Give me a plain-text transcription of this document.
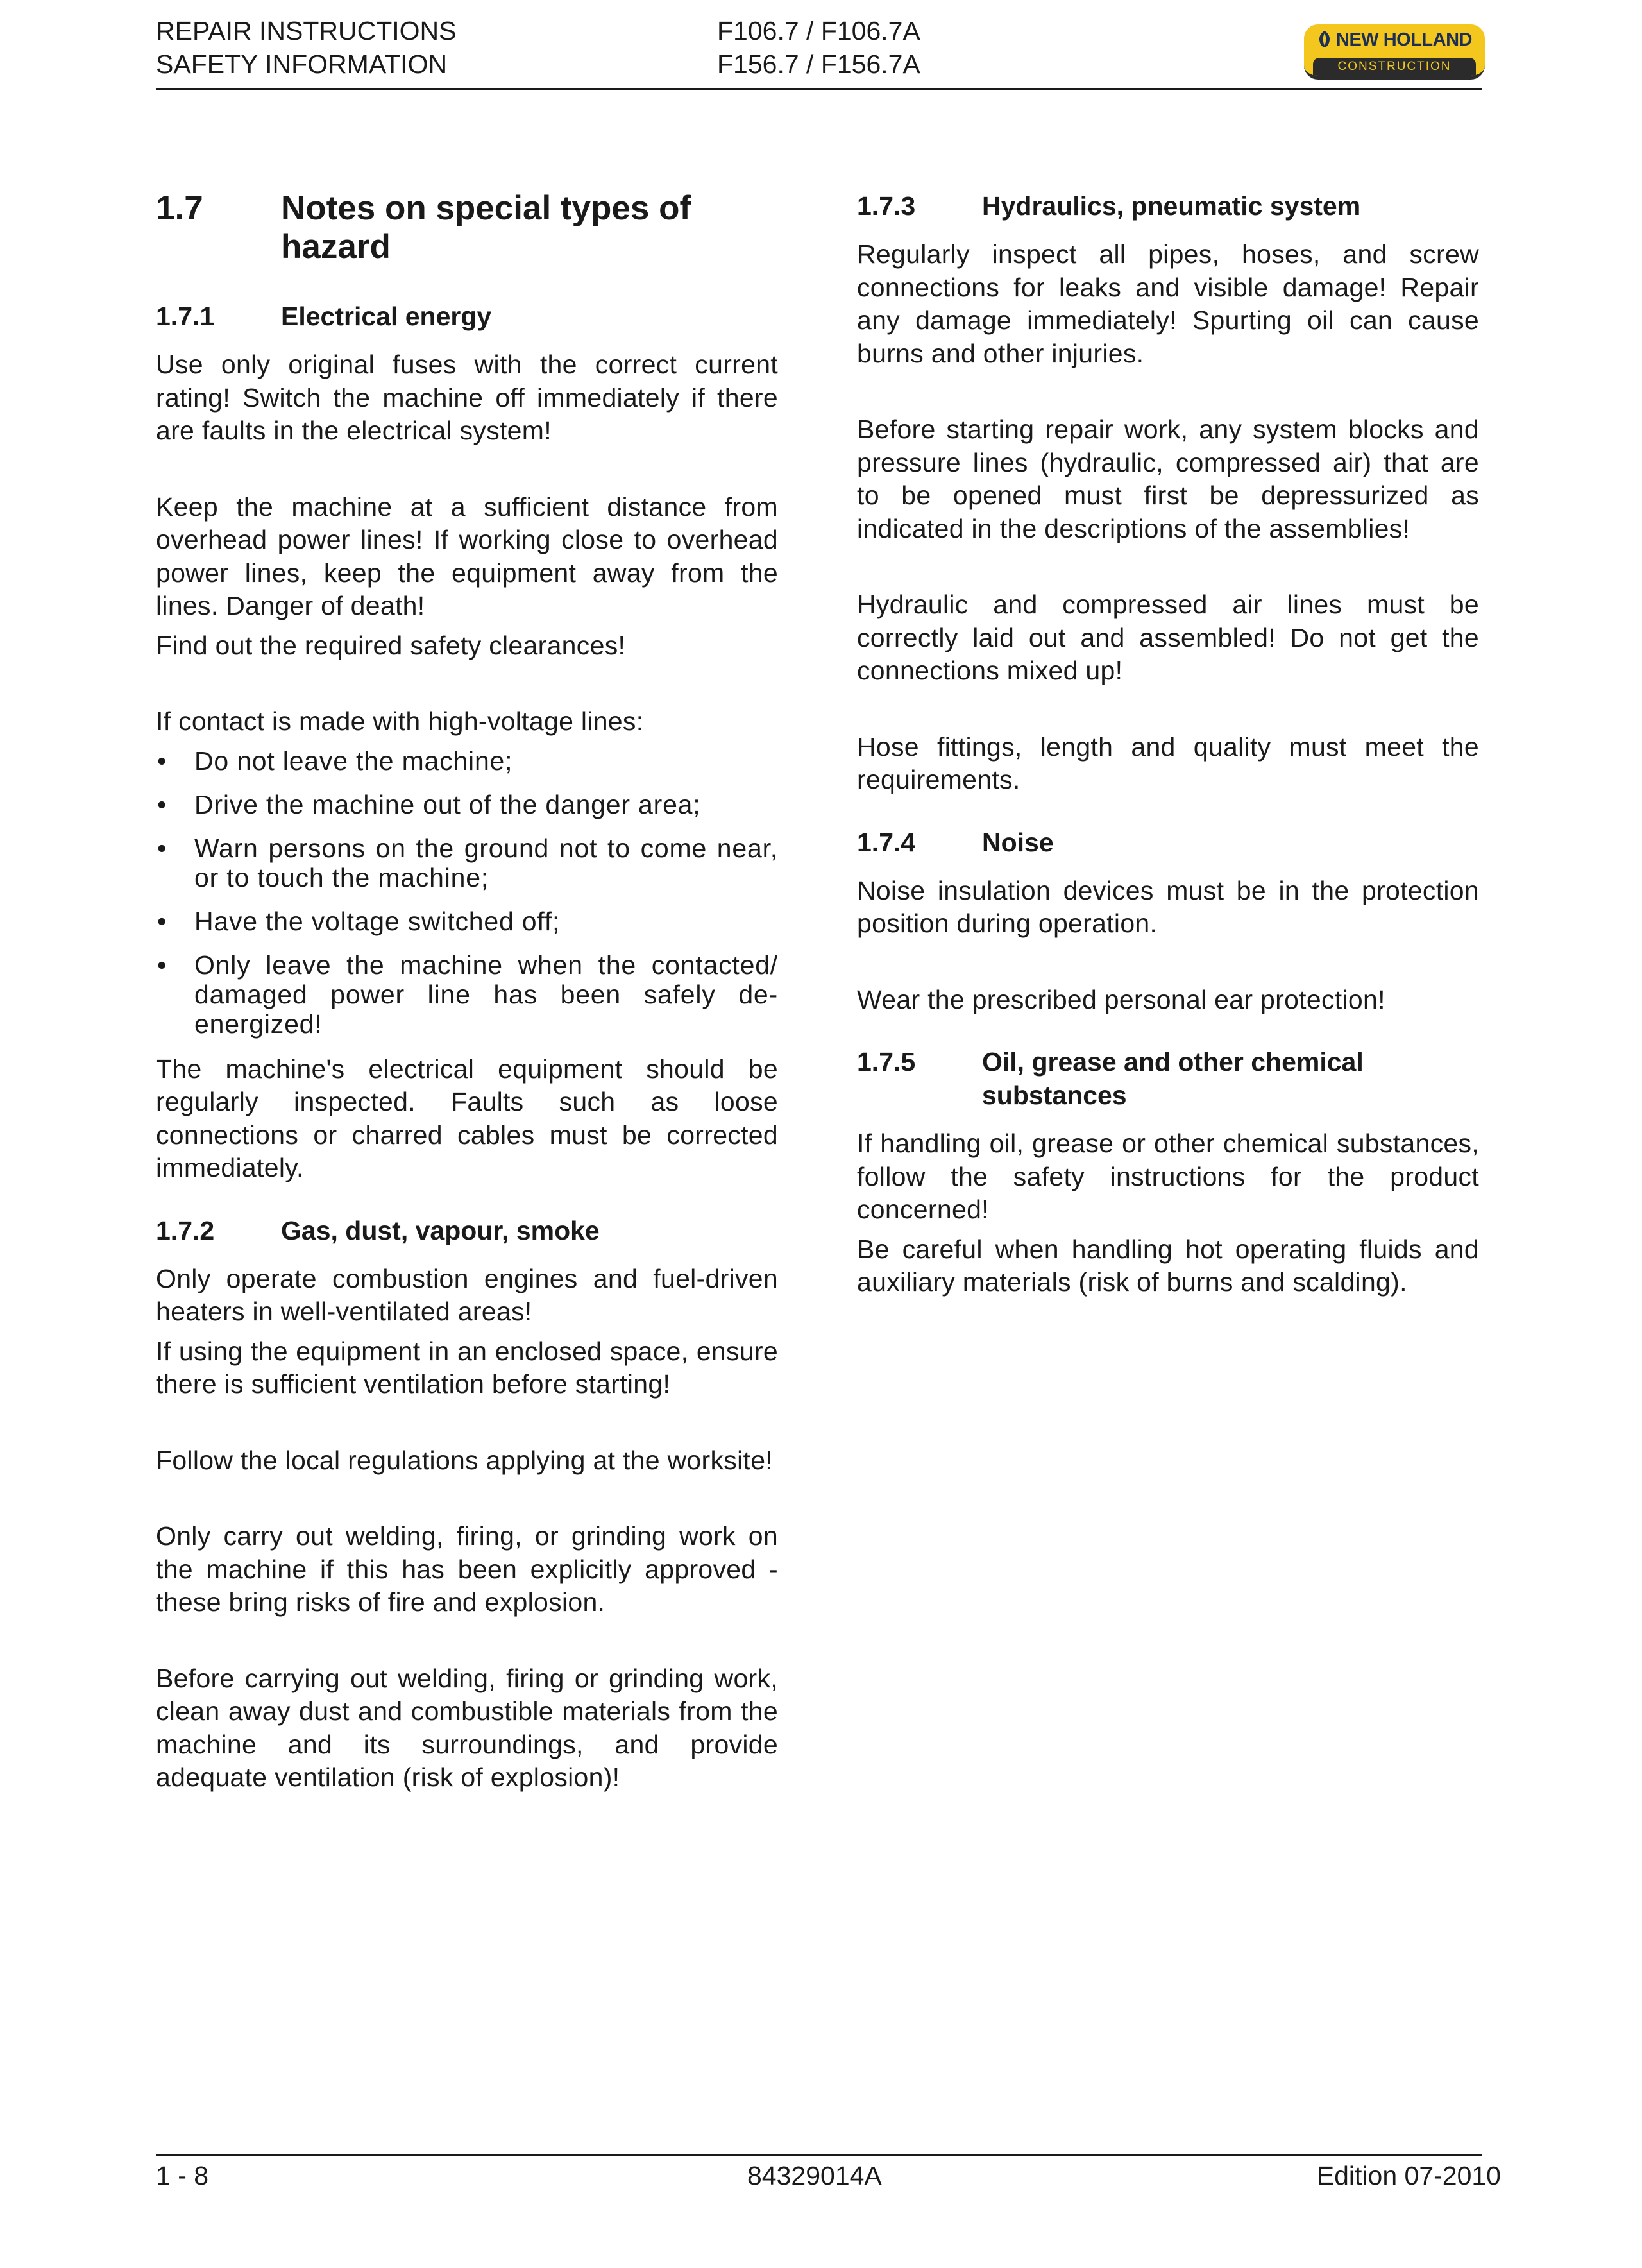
REPAIR INSTRUCTIONS
SAFETY INFORMATION
F106.7 / F106.7A
F156.7 / F156.7A
NEW HOLLAND
CONSTRUCTION
1.7	Notes on special types of hazard
1.7.1	Electrical energy

Use only original fuses with the correct current rating! Switch the machine off immediately if there are faults in the electrical system!

Keep the machine at a sufficient distance from overhead power lines! If working close to overhead power lines, keep the equipment away from the lines. Danger of death!

Find out the required safety clearances!

If contact is made with high-voltage lines:

• Do not leave the machine;
• Drive the machine out of the danger area;
• Warn persons on the ground not to come near, or to touch the machine;
• Have the voltage switched off;
• Only leave the machine when the contacted/ damaged power line has been safely de-energized!

The machine's electrical equipment should be regularly inspected. Faults such as loose connections or charred cables must be corrected immediately.

1.7.2	Gas, dust, vapour, smoke

Only operate combustion engines and fuel-driven heaters in well-ventilated areas!

If using the equipment in an enclosed space, ensure there is sufficient ventilation before starting!

Follow the local regulations applying at the worksite!

Only carry out welding, firing, or grinding work on the machine if this has been explicitly approved - these bring risks of fire and explosion.

Before carrying out welding, firing or grinding work, clean away dust and combustible materials from the machine and its surroundings, and provide adequate ventilation (risk of explosion)!

1.7.3	Hydraulics, pneumatic system

Regularly inspect all pipes, hoses, and screw connections for leaks and visible damage! Repair any damage immediately! Spurting oil can cause burns and other injuries.

Before starting repair work, any system blocks and pressure lines (hydraulic, compressed air) that are to be opened must first be depressurized as indicated in the descriptions of the assemblies!

Hydraulic and compressed air lines must be correctly laid out and assembled! Do not get the connections mixed up!

Hose fittings, length and quality must meet the requirements.

1.7.4	Noise

Noise insulation devices must be in the protection position during operation.

Wear the prescribed personal ear protection!

1.7.5	Oil, grease and other chemical substances

If handling oil, grease or other chemical substances, follow the safety instructions for the product concerned!

Be careful when handling hot operating fluids and auxiliary materials (risk of burns and scalding).

1 - 8	84329014A	Edition 07-2010
